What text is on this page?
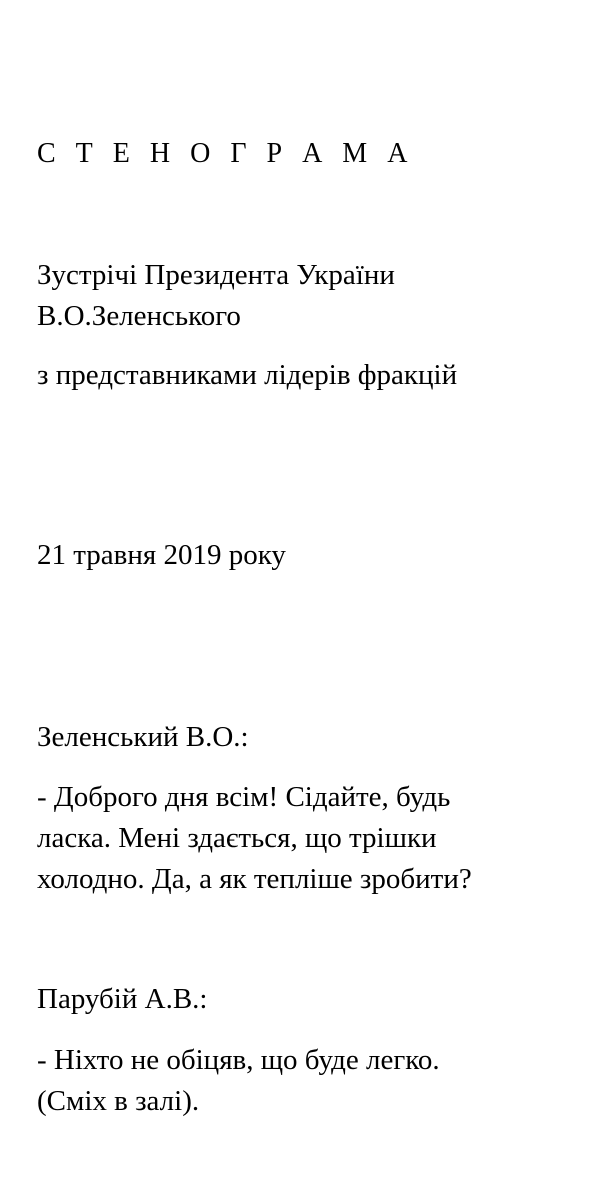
С Т Е Н О Г Р А М А

Зустрічі Президента України

В.О.Зеленського

з представниками лідерів фракцій

21 травня 2019 року

Зеленський В.О.:

- Доброго дня всім! Сідайте, будь

ласка. Мені здається, що трішки

холодно. Да, а як тепліше зробити?

Парубій А.В.:

- Ніхто не обіцяв, що буде легко.

(Сміх в залі).
